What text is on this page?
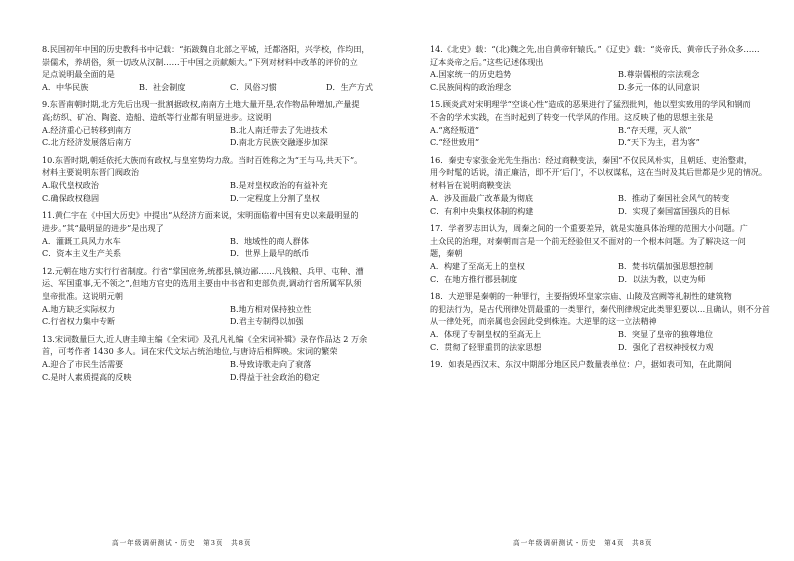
8.民国初年中国的历史教科书中记载：“拓跋魏自北部之平城，迁都洛阳，兴学校，作均田，
崇儒术，养胡俗，须一切改从汉制……于中国之贡献颇大。”下列对材料中改革的评价的立
足点说明最全面的是
A．中华民族	B．社会制度	C．风俗习惯	D．生产方式
9.东晋南朝时期,北方先后出现一批割据政权,南南方土地大量开垦,农作物品种增加,产量提
高;纺织、矿冶、陶瓷、造船、造纸等行业都有明显进步。这说明
A.经济重心已转移到南方	B.北人南迁带去了先进技术
C.北方经济发展落后南方	D.南北方民族交融逐步加深
10.东晋时期,朝廷依托大族而有政权,与皇室势均力敌。当时百姓称之为“王与马,共天下”。
材料主要说明东晋门阀政治
A.取代皇权政治	B.是对皇权政治的有益补充
C.确保政权稳固	D.一定程度上分割了皇权
11.黄仁宇在《中国大历史》中提出“从经济方面来说，宋明面临着中国有史以来最明显的
进步。”其“最明显的进步”是出现了
A．灌溉工具风力水车	B．地域性的商人群体
C．资本主义生产关系	D．世界上最早的纸币
12.元朝在地方实行行省制度。行省“掌国庶务,统郡县,镇边鄙……凡钱粮、兵甲、屯种、漕
运、军国重事,无不领之”,但地方官史的选用主要由中书省和吏部负责,调动行省所属军队须
皇帝批准。这说明元朝
A.地方缺乏实际权力	B.地方相对保持独立性
C.行省权力集中专断	D.君主专制得以加强
13.宋词数量巨大,近人唐圭璋主编《全宋词》及孔凡礼编《全宋词补辑》录存作品达 2 万余
首，可考作者 1430 多人。词在宋代文坛占统治地位,与唐诗后相辉映。宋词的繁荣
A.迎合了市民生活需要	B.导致诗歌走向了衰落
C.是时人素质提高的反映	D.得益于社会政治的稳定
高一年级调研测试・历史　第3页　共8页
14.《北史》载：“(北)魏之先,出自黄帝轩辕氏。”《辽史》载：“炎帝氏、黄帝氏子孙众多……
辽本炎帝之后。”这些记述体现出
A.国家统一的历史趋势	B.尊崇儒根的宗法观念
C.民族间构的政治理念	D.多元一体的认同意识
15.顾炎武对宋明理学“空谈心性”造成的恶果进行了猛烈批判，他以型实致用的学风和钢而
不舍的学术实践，在当时起到了转变一代学风的作用。这反映了他的思想主张是
A.“离经叛道”	B.“存天理，灭人欲”
C.“经世致用”	D.“天下为主，君为客”
16．秦史专家张金光先生指出：经过商鞅变法，秦国“不仅民风朴实，且朝廷、吏治整肃，
用今时髦的话说，清正廉洁，即不开‘后门’，不以权谋私，这在当时及其后世都是少见的情况。
材料旨在说明商鞅变法
A．涉及面最广改革最为彻底	B．推动了秦国社会风气的转变
C．有利中央集权体制的构建	D．实现了秦国富国强兵的目标
17．学者罗志田认为，周秦之间的一个重要差异，就是实施具体治理的范围大小问题。广
土众民的治理，对秦朝而言是一个前无经验但又不面对的一个根本问题。为了解决这一问
题，秦朝
A．构建了至高无上的皇权	B．焚书坑儒加强思想控制
C．在地方推行郡县制度	D．以法为教，以吏为师
18．大逆罪是秦朝的一种罪行，主要指毁坏皇家宗庙、山陵及宫阙等礼制性的建筑物
的犯法行为，是古代刑律处罚最重的一类罪行，秦代刑律规定此类罪犯要以…且确认，则不分首
从一律处死，而亲属也会因此受到株连。大逆罪的这一立法精神
A．体现了专制皇权的至高无上	B．突显了皇帝的独尊地位
C．贯彻了轻罪重罚的法家思想	D．强化了君权神授权力观
19．如表是西汉末、东汉中期部分地区民户数量表单位：户，据如表可知，在此期间
高一年级调研测试・历史　第4页　共8页
